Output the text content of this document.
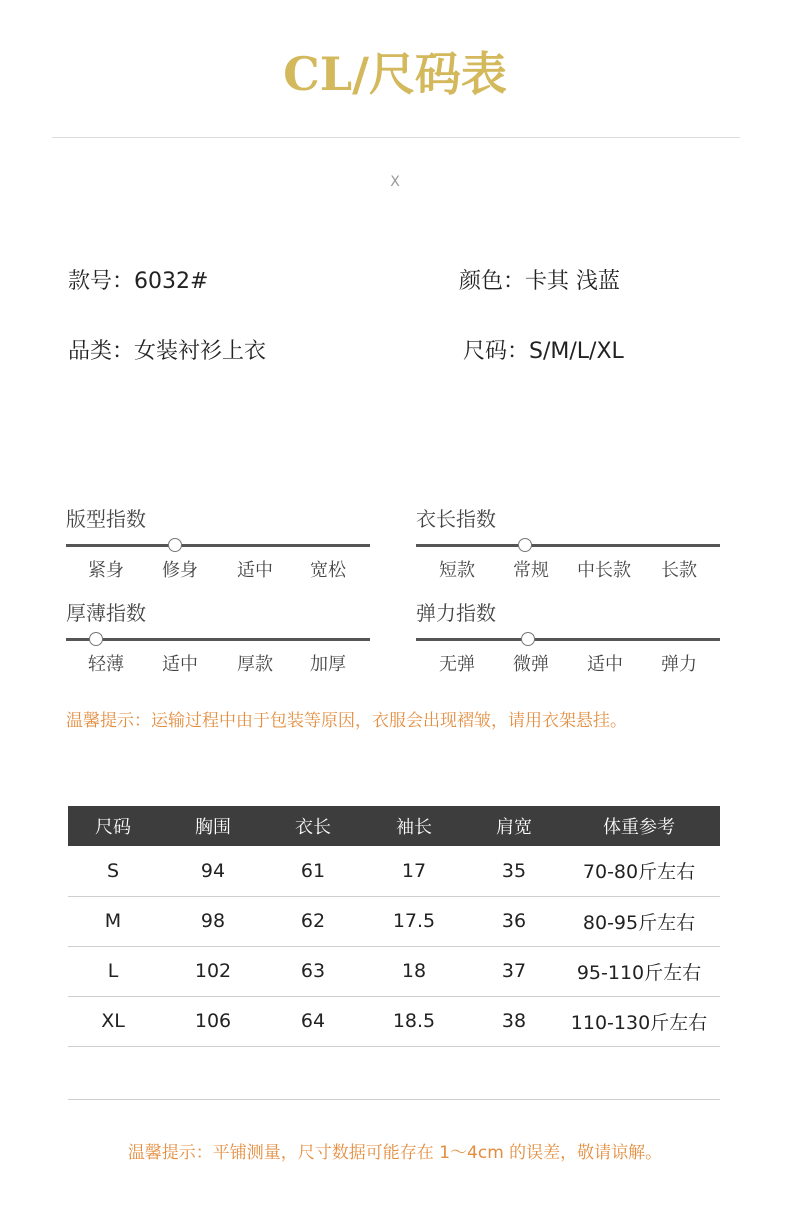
CL/尺码表
X
款号：6032#	颜色：卡其 浅蓝
品类：女装衬衫上衣	尺码：S/M/L/XL
版型指数
紧身	修身	适中	宽松
衣长指数
短款	常规	中长款	长款
厚薄指数
轻薄	适中	厚款	加厚
弹力指数
无弹	微弹	适中	弹力
温馨提示：运输过程中由于包装等原因，衣服会出现褶皱，请用衣架悬挂。
尺码	胸围	衣长	袖长	肩宽	体重参考
S	94	61	17	35	70-80斤左右
M	98	62	17.5	36	80-95斤左右
L	102	63	18	37	95-110斤左右
XL	106	64	18.5	38	110-130斤左右
温馨提示：平铺测量，尺寸数据可能存在 1～4cm 的误差，敬请谅解。
